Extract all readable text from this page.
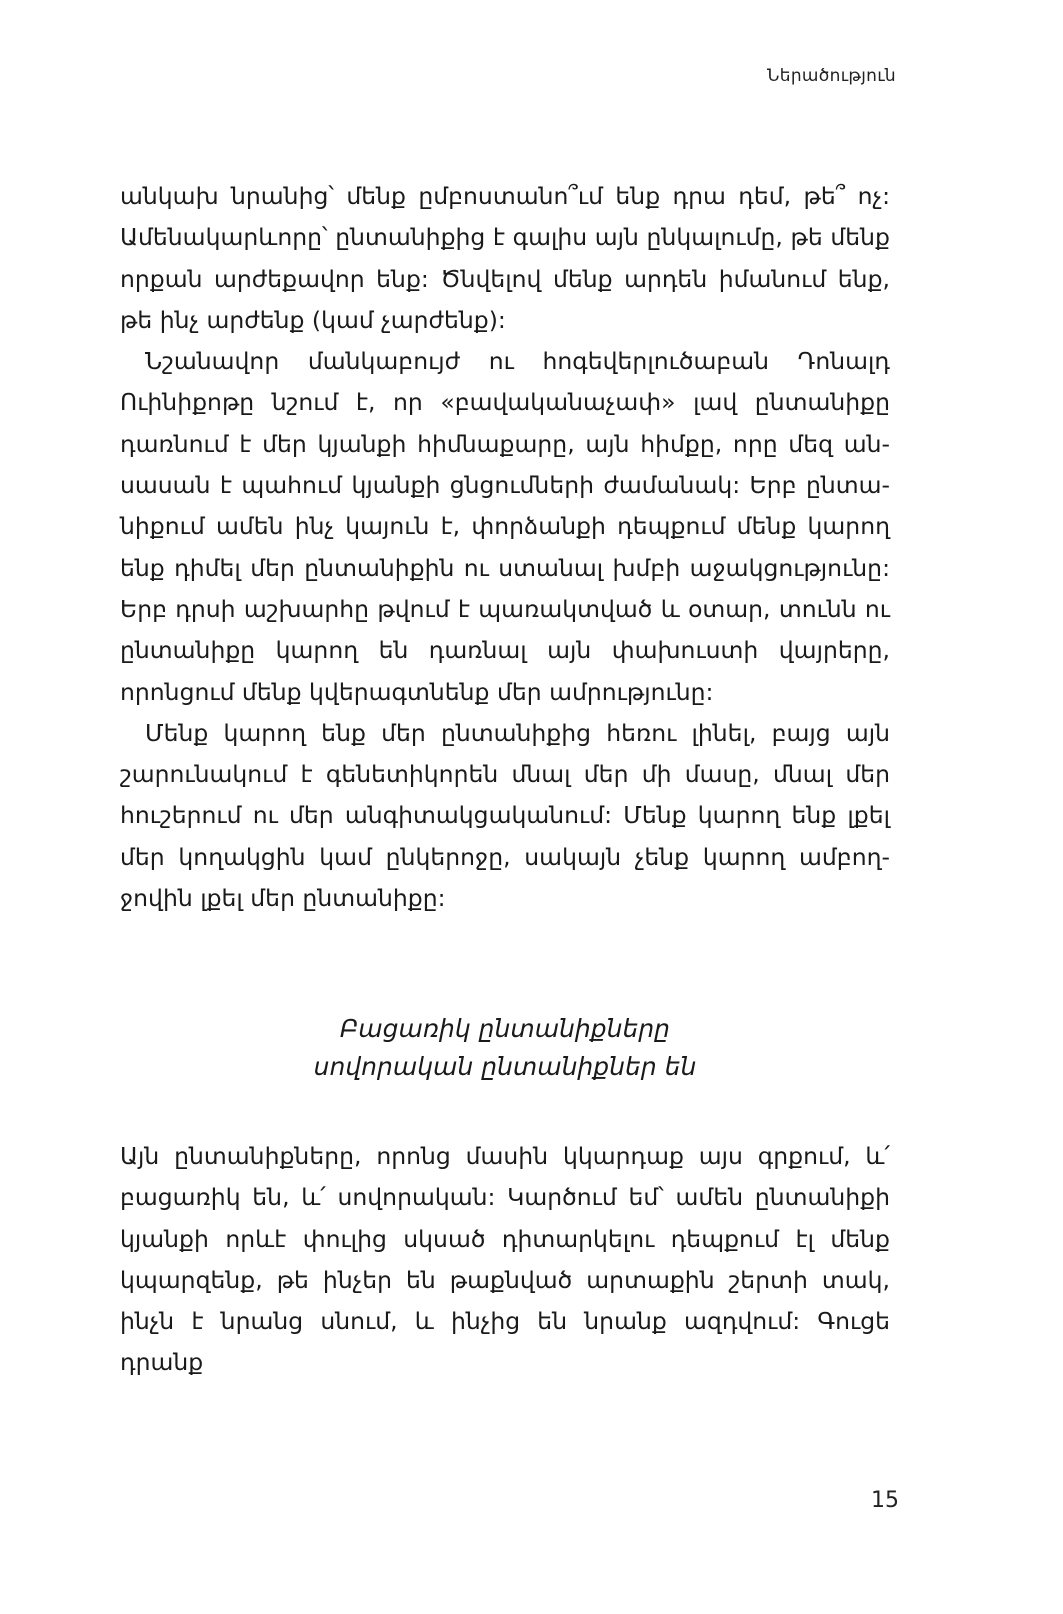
Ներածություն

անկախ նրանից՝ մենք ըմբոստանո՞ւմ ենք դրա դեմ, թե՞ ոչ: Ամենակարևորը՝ ընտանիքից է գալիս այն ընկալումը, թե մենք որքան արժեքավոր ենք: Ծնվելով մենք արդեն իմանում ենք, թե ինչ արժենք (կամ չարժենք):

Նշանավոր մանկաբույժ ու հոգեվերլուծաբան Դոնալդ Ուինիքոթը նշում է, որ «բավականաչափ» լավ ընտանիքը դառնում է մեր կյանքի հիմնաքարը, այն հիմքը, որը մեզ անսասան է պահում կյանքի ցնցումների ժամանակ: Երբ ընտանիքում ամեն ինչ կայուն է, փորձանքի դեպքում մենք կարող ենք դիմել մեր ընտանիքին ու ստանալ խմբի աջակցությունը: Երբ դրսի աշխարհը թվում է պառակտված և օտար, տունն ու ընտանիքը կարող են դառնալ այն փախուստի վայրերը, որոնցում մենք կվերագտնենք մեր ամրությունը:

Մենք կարող ենք մեր ընտանիքից հեռու լինել, բայց այն շարունակում է գենետիկորեն մնալ մեր մի մասը, մնալ մեր հուշերում ու մեր անգիտակցականում: Մենք կարող ենք լքել մեր կողակցին կամ ընկերոջը, սակայն չենք կարող ամբողջովին լքել մեր ընտանիքը:

Բացառիկ ընտանիքները
սովորական ընտանիքներ են

Այն ընտանիքները, որոնց մասին կկարդաք այս գրքում, և՛ բացառիկ են, և՛ սովորական: Կարծում եմ՝ ամեն ընտանիքի կյանքի որևէ փուլից սկսած դիտարկելու դեպքում էլ մենք կպարզենք, թե ինչեր են թաքնված արտաքին շերտի տակ, ինչն է նրանց սնում, և ինչից են նրանք ազդվում: Գուցե դրանք

15
